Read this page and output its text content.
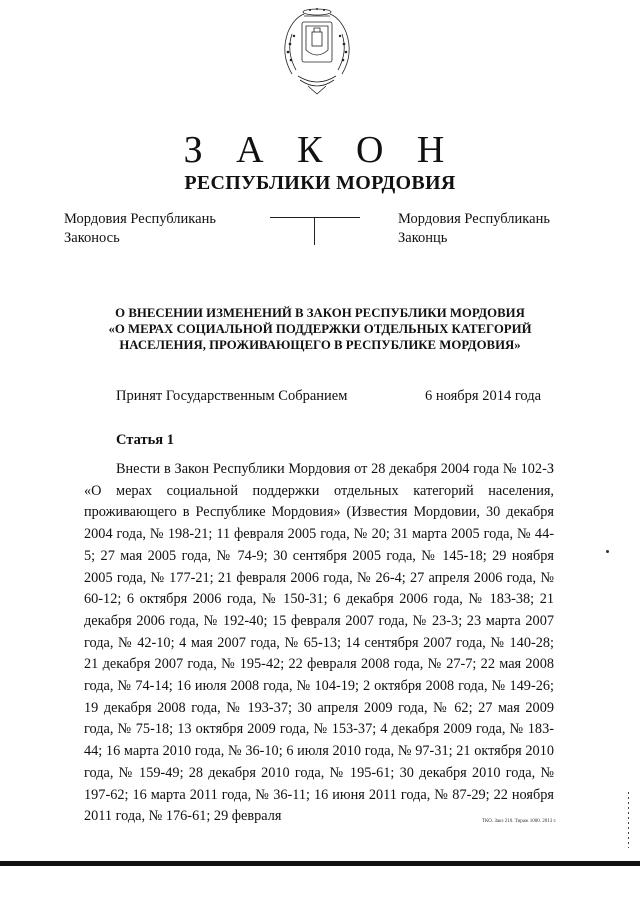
З А К О Н
РЕСПУБЛИКИ МОРДОВИЯ
Мордовия Республикань
Законось
Мордовия Республикань
Законць
О ВНЕСЕНИИ ИЗМЕНЕНИЙ В ЗАКОН РЕСПУБЛИКИ МОРДОВИЯ
«О МЕРАХ СОЦИАЛЬНОЙ ПОДДЕРЖКИ ОТДЕЛЬНЫХ КАТЕГОРИЙ
НАСЕЛЕНИЯ, ПРОЖИВАЮЩЕГО В РЕСПУБЛИКЕ МОРДОВИЯ»
Принят Государственным Собранием	6 ноября 2014 года
Статья 1
Внести в Закон Республики Мордовия от 28 декабря 2004 года № 102-З «О мерах социальной поддержки отдельных категорий населения, проживающего в Республике Мордовия» (Известия Мордовии, 30 декабря 2004 года, № 198-21; 11 февраля 2005 года, № 20; 31 марта 2005 года, № 44-5; 27 мая 2005 года, № 74-9; 30 сентября 2005 года, № 145-18; 29 ноября 2005 года, № 177-21; 21 февраля 2006 года, № 26-4; 27 апреля 2006 года, № 60-12; 6 октября 2006 года, № 150-31; 6 декабря 2006 года, № 183-38; 21 декабря 2006 года, № 192-40; 15 февраля 2007 года, № 23-3; 23 марта 2007 года, № 42-10; 4 мая 2007 года, № 65-13; 14 сентября 2007 года, № 140-28; 21 декабря 2007 года, № 195-42; 22 февраля 2008 года, № 27-7; 22 мая 2008 года, № 74-14; 16 июля 2008 года, № 104-19; 2 октября 2008 года, № 149-26; 19 декабря 2008 года, № 193-37; 30 апреля 2009 года, № 62; 27 мая 2009 года, № 75-18; 13 октября 2009 года, № 153-37; 4 декабря 2009 года, № 183-44; 16 марта 2010 года, № 36-10; 6 июля 2010 года, № 97-31; 21 октября 2010 года, № 159-49; 28 декабря 2010 года, № 195-61; 30 декабря 2010 года, № 197-62; 16 марта 2011 года, № 36-11; 16 июня 2011 года, № 87-29; 22 ноября 2011 года, № 176-61; 29 февраля	ТКО. Закз 210. Тираж 1000. 2013 г.
